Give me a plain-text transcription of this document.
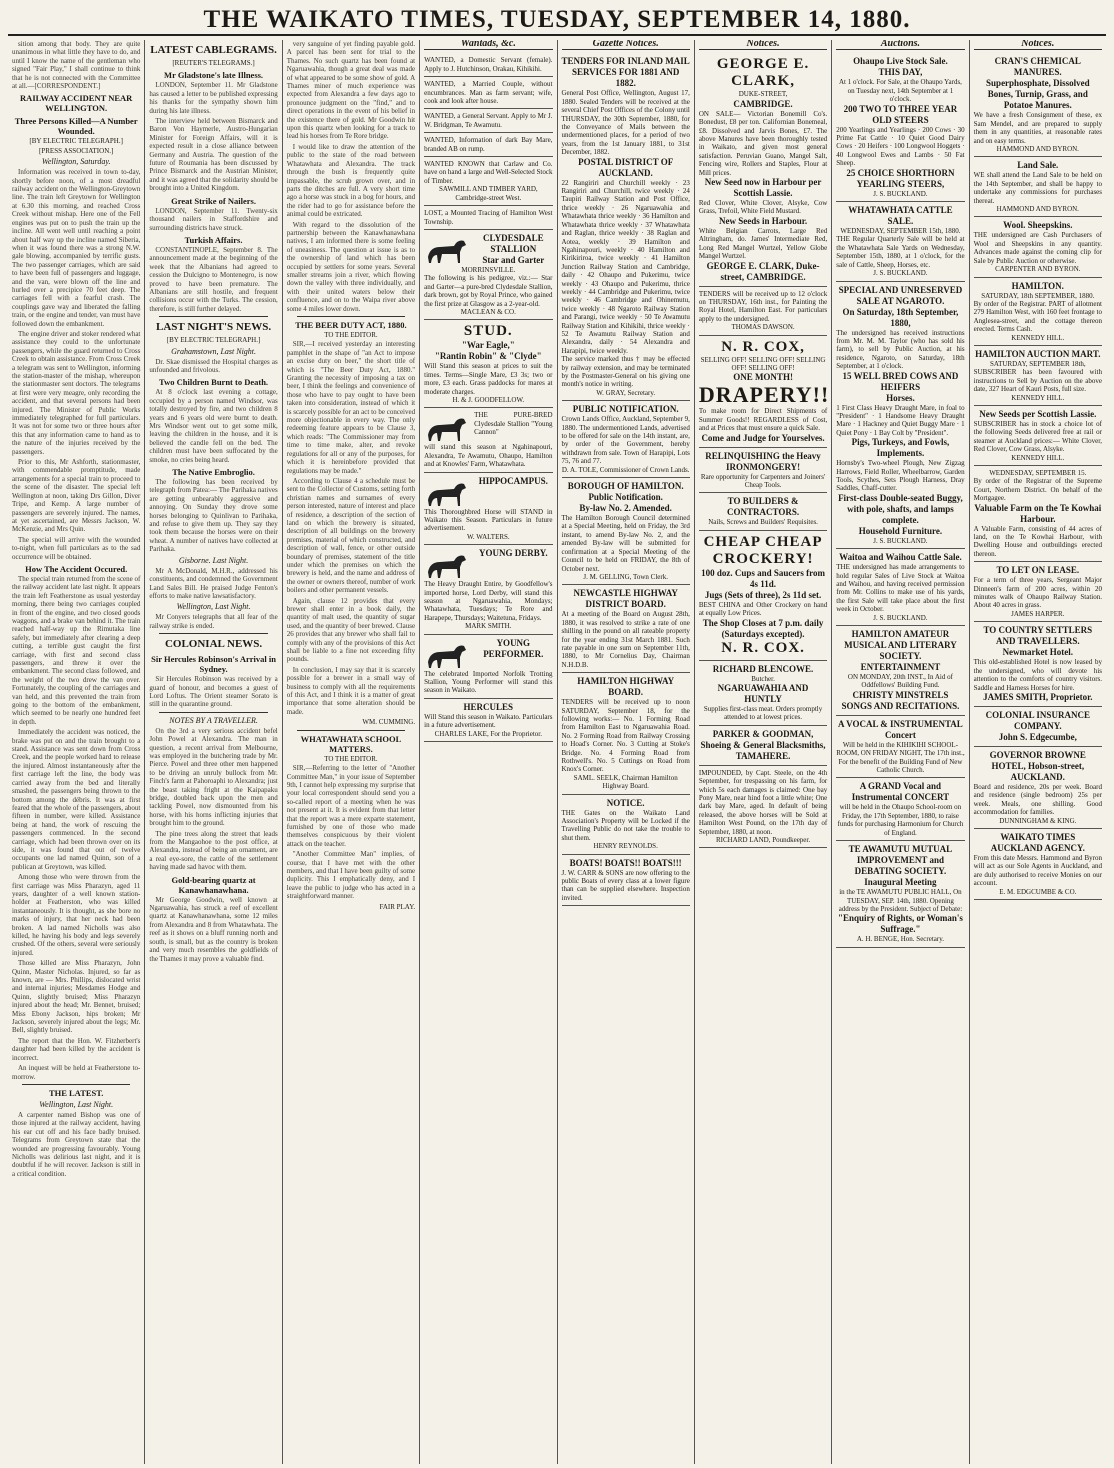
THE WAIKATO TIMES, TUESDAY, SEPTEMBER 14, 1880.

sition among that body. They are quite unanimous in what little they have to do, and until I know the name of the gentleman who signed "Fair Play," I shall continue to think that he is not connected with the Committee at all.—[CORRESPONDENT.]

RAILWAY ACCIDENT NEAR WELLINGTON.
Three Persons Killed—A Number Wounded.
[BY ELECTRIC TELEGRAPH.]
[PRESS ASSOCIATION.]
Wellington, Saturday.

Information was received in town to-day, shortly before noon, of a most dreadful railway accident on the Wellington-Greytown line. The train left Greytown for Wellington at 6.30 this morning, and reached Cross Creek without mishap. Here one of the Fell engines was put on to push the train up the incline. All went well until reaching a point about half way up the incline named Siberia, when it was found there was a strong N.W. gale blowing, accompanied by terrific gusts. The two passenger carriages, which are said to have been full of passengers and luggage, and the van, were blown off the line and hurled over a precipice 70 feet deep. The carriages fell with a fearful crash. The couplings gave way and liberated the falling train, or the engine and tender, van must have followed down the embankment.

The engine driver and stoker rendered what assistance they could to the unfortunate passengers, while the guard returned to Cross Creek to obtain assistance. From Cross Creek a telegram was sent to Wellington, informing the station-master of the mishap, whereupon the stationmaster sent doctors. The telegrams at first were very meagre, only recording the accident, and that several persons had been injured. The Minister of Public Works immediately telegraphed for full particulars. It was not for some two or three hours after this that any information came to hand as to the nature of the injuries received by the passengers.

Prior to this, Mr Ashforth, stationmaster, with commendable promptitude, made arrangements for a special train to proceed to the scene of the disaster. The special left Wellington at noon, taking Drs Gillon, Diver Tripe, and Kemp. A large number of passengers are severely injured. The names, at yet ascertained, are Messrs Jackson, W. McKenzie, and Mrs Quin.

The special will arrive with the wounded to-night, when full particulars as to the sad occurrence will be obtained.

How The Accident Occured.

The special train returned from the scene of the railway accident late last night. It appears the train left Featherstone as usual yesterday morning, there being two carriages coupled in front of the engine, and two closed goods waggons, and a brake van behind it. The train reached half-way up the Rimutaka line safely, but immediately after clearing a deep cutting, a terrible gust caught the first carriage, with first and second class passengers, and threw it over the embankment. The second class followed, and the weight of the two drew the van over. Fortunately, the coupling of the carriages and van held, and this prevented the train from going to the bottom of the embankment, which seemed to be nearly one hundred feet in depth.

Immediately the accident was noticed, the brake was put on and the train brought to a stand. Assistance was sent down from Cross Creek, and the people worked hard to release the injured. Almost instantaneously after the first carriage left the line, the body was carried away from the bed and literally smashed, the passengers being thrown to the bottom among the débris. It was at first feared that the whole of the passengers, about fifteen in number, were killed. Assistance being at hand, the work of rescuing the passengers commenced. In the second carriage, which had been thrown over on its side, it was found that out of twelve occupants one lad named Quinn, son of a publican at Greytown, was killed.

Among those who were thrown from the first carriage was Miss Pharazyn, aged 11 years, daughter of a well known station-holder at Featherston, who was killed instantaneously. It is thought, as she bore no marks of injury, that her neck had been broken. A lad named Nicholls was also killed, he having his body and legs severely crushed. Of the others, several were seriously injured.

Those killed are Miss Pharazyn, John Quinn, Master Nicholas. Injured, so far as known, are — Mrs. Phillips, dislocated wrist and internal injuries; Mesdames Hodge and Quinn, slightly bruised; Miss Pharazyn injured about the head; Mr. Bennet, bruised; Miss Ebony Jackson, hips broken; Mr Jackson, severely injured about the legs; Mr. Bell, slightly bruised.

The report that the Hon. W. Fitzherbert's daughter had been killed by the accident is incorrect.

An inquest will be held at Featherstone to-morrow.

THE LATEST.
Wellington, Last Night.

A carpenter named Bishop was one of those injured at the railway accident, having his ear cut off and his face badly bruised. Telegrams from Greytown state that the wounded are progressing favourably. Young Nicholls was delirious last night, and it is doubtful if he will recover. Jackson is still in a critical condition.

LATEST CABLEGRAMS.
[REUTER'S TELEGRAMS.]
Mr Gladstone's late Illness.

LONDON, September 11. Mr Gladstone has caused a letter to be published expressing his thanks for the sympathy shown him during his late illness.

The interview held between Bismarck and Baron Von Haymerle, Austro-Hungarian Minister for Foreign Affairs, will it is expected result in a close alliance between Germany and Austria. The question of the future of Roumania has been discussed by Prince Bismarck and the Austrian Minister, and it was agreed that the solidarity should be brought into a United Kingdom.

Great Strike of Nailers.

LONDON, September 11. Twenty-six thousand nailers in Staffordshire and surrounding districts have struck.

Turkish Affairs.

CONSTANTINOPLE, September 8. The announcement made at the beginning of the week that the Albanians had agreed to cession the Dulcigno to Montenegro, is now proved to have been premature. The Albanians are still hostile, and frequent collisions occur with the Turks. The cession, therefore, is still further delayed.

LAST NIGHT'S NEWS.
[BY ELECTRIC TELEGRAPH.]
Grahamstown, Last Night.

Dr. Skae dismissed the Hospital charges as unfounded and frivolous.

Two Children Burnt to Death.

At 8 o'clock last evening a cottage, occupied by a person named Windsor, was totally destroyed by fire, and two children 8 years and 6 years old were burnt to death. Mrs Windsor went out to get some milk, leaving the children in the house, and it is believed the candle fell on the bed. The children must have been suffocated by the smoke, no cries being heard.

The Native Embroglio.

The following has been received by telegraph from Patea:— The Parihaka natives are getting unbearably aggressive and annoying. On Sunday they drove some horses belonging to Quinlivan to Parihaka, and refuse to give them up. They say they took them because the horses were on their wheat. A number of natives have collected at Parihaka.

Gisborne. Last Night.

Mr A McDonald, M.H.R., addressed his constituents, and condemned the Government Land Sales Bill. He praised Judge Fenton's efforts to make native lawsatisfactory.

Wellington, Last Night.

Mr Conyers telegraphs that all fear of the railway strike is ended.

COLONIAL NEWS.
Sir Hercules Robinson's Arrival in Sydney.

Sir Hercules Robinson was received by a guard of honour, and becomes a guest of Lord Loftus. The Orient steamer Sorato is still in the quarantine ground.

NOTES BY A TRAVELLER.

On the 3rd a very serious accident befel John Powel at Alexandra. The man in question, a recent arrival from Melbourne, was employed in the butchering trade by Mr. Pierce. Powel and three other men happened to be driving an unruly bullock from Mr. Finch's farm at Pahoroaphi to Alexandra; just the beast taking fright at the Kaipapaku bridge, doubled back upon the men and tackling Powel, now dismounted from his horse, with his horns inflicting injuries that brought him to the ground.

The pine trees along the street that leads from the Mangaohoe to the post office, at Alexandra, instead of being an ornament, are a real eye-sore, the cattle of the settlement having made sad havoc with them.

Gold-bearing quartz at Kanawhanawhana.

Mr George Goodwin, well known at Ngaruawahia, has struck a reef of excellent quartz at Kanawhanawhana, some 12 miles from Alexandra and 8 from Whatawhata. The reef as it shows on a bluff running north and south, is small, but as the country is broken and very much resembles the goldfields of the Thames it may prove a valuable find.

very sanguine of yet finding payable gold. A parcel has been sent for trial to the Thames. No such quartz has been found at Ngaruawahia, though a great deal was made of what appeared to be some show of gold. A Thames miner of much experience was expected from Alexandra a few days ago to pronounce judgment on the "find," and to direct operations in the event of his belief in the existence there of gold. Mr Goodwin hit upon this quartz when looking for a track to lead his horses from Te Rore bridge.

I would like to draw the attention of the public to the state of the road between Whatawhata and Alexandra. The track through the bush is frequently quite impassable, the scrub grown over, and in parts the ditches are full. A very short time ago a horse was stuck in a bog for hours, and the rider had to go for assistance before the animal could be extricated.

With regard to the dissolution of the partnership between the Kanawhanawhana natives, I am informed there is some feeling of uneasiness. The question at issue is as to the ownership of land which has been occupied by settlers for some years. Several smaller streams join a river, which flowing down the valley with three individually, and with their united waters below their confluence, and on to the Waipa river above some 4 miles lower down.

THE BEER DUTY ACT, 1880.
TO THE EDITOR.

SIR,—I received yesterday an interesting pamphlet in the shape of "an Act to impose an excise duty on beer," the short title of which is "The Beer Duty Act, 1880." Granting the necessity of imposing a tax on beer, I think the feelings and convenience of those who have to pay ought to have been taken into consideration, instead of which it is scarcely possible for an act to be conceived more objectionable in every way. The only redeeming feature appears to be Clause 3, which reads: "The Commissioner may from time to time make, alter, and revoke regulations for all or any of the purposes, for which it is hereinbefore provided that regulations may be made."

According to Clause 4 a schedule must be sent to the Collector of Customs, setting forth christian names and surnames of every person interested, nature of interest and place of residence, a description of the section of land on which the brewery is situated, description of all buildings on the brewery premises, material of which constructed, and description of wall, fence, or other outside boundary of premises, statement of the title under which the premises on which the brewery is held, and the name and address of the owner or owners thereof, number of work boilers and other permanent vessels.

Again, clause 12 provides that every brewer shall enter in a book daily, the quantity of malt used, the quantity of sugar used, and the quantity of beer brewed. Clause 26 provides that any brewer who shall fail to comply with any of the provisions of this Act shall be liable to a fine not exceeding fifty pounds.

In conclusion, I may say that it is scarcely possible for a brewer in a small way of business to comply with all the requirements of this Act, and I think it is a matter of great importance that some alteration should be made.

WM. CUMMING.
WHATAWHATA SCHOOL MATTERS.
TO THE EDITOR.

SIR,—Referring to the letter of "Another Committee Man," in your issue of September 9th, I cannot help expressing my surprise that your local correspondent should send you a so-called report of a meeting when he was not present at it. It is evident from that letter that the report was a mere exparte statement, furnished by one of those who made themselves conspicuous by their violent attack on the teacher.

"Another Committee Man" implies, of course, that I have met with the other members, and that I have been guilty of some duplicity. This I emphatically deny, and I leave the public to judge who has acted in a straightforward manner.

FAIR PLAY.
Wantads, &c.
WANTED, a Domestic Servant (female). Apply to J. Hutchinson, Orakau, Kihikihi.
WANTED, a Married Couple, without encumbrances. Man as farm servant; wife, cook and look after house.
WANTED, a General Servant. Apply to Mr J. W. Bridgman, Te Awamutu.
WANTED, Information of dark Bay Mare, branded AB on rump.
WANTED KNOWN that Carlaw and Co. have on hand a large and Well-Selected Stock of Timber.
SAWMILL AND TIMBER YARD, Cambridge-street West.
LOST, a Mounted Tracing of Hamilton West Township.
CLYDESDALE STALLION
Star and Garter
MORRINSVILLE.
The following is his pedigree, viz.:— Star and Garter—a pure-bred Clydesdale Stallion, dark brown, got by Royal Prince, who gained the first prize at Glasgow as a 2-year-old.
MACLEAN & CO.
STUD.
"War Eagle,"
"Rantin Robin" & "Clyde"
Will Stand this season at prices to suit the times. Terms—Single Mare, £3 3s; two or more, £3 each. Grass paddocks for mares at moderate charges.
H. & J. GOODFELLOW.
THE PURE-BRED Clydesdale Stallion "Young Cannon"
will stand this season at Ngahinapouri, Alexandra, Te Awamutu, Ohaupo, Hamilton and at Knowles' Farm, Whatawhata.
HIPPOCAMPUS.
This Thoroughbred Horse will STAND in Waikato this Season. Particulars in future advertisement.
W. WALTERS.
YOUNG DERBY.
The Heavy Draught Entire, by Goodfellow's imported horse, Lord Derby, will stand this season at Ngaruawahia, Mondays; Whatawhata, Tuesdays; Te Rore and Harapepe, Thursdays; Waitetuna, Fridays.
MARK SMITH.
YOUNG PERFORMER.
The celebrated Imported Norfolk Trotting Stallion, Young Performer will stand this season in Waikato.
HERCULES
Will Stand this season in Waikato. Particulars in a future advertisement.
CHARLES LAKE, For the Proprietor.
Gazette Notices.
TENDERS FOR INLAND MAIL SERVICES FOR 1881 AND 1882.
General Post Office, Wellington, August 17, 1880. Sealed Tenders will be received at the several Chief Post Offices of the Colony until THURSDAY, the 30th September, 1880, for the Conveyance of Mails between the undermentioned places, for a period of two years, from the 1st January 1881, to 31st December, 1882.
POSTAL DISTRICT OF AUCKLAND.
22 Rangiriri and Churchill weekly · 23 Rangiriri and Churchill, twice weekly · 24 Taupiri Railway Station and Post Office, thrice weekly · 26 Ngaruawahia and Whatawhata thrice weekly · 36 Hamilton and Whatawhata thrice weekly · 37 Whatawhata and Raglan, thrice weekly · 38 Raglan and Aotea, weekly · 39 Hamilton and Ngahinapouri, weekly · 40 Hamilton and Kirikiriroa, twice weekly · 41 Hamilton Junction Railway Station and Cambridge, daily · 42 Ohaupo and Pukerimu, twice weekly · 43 Ohaupo and Pukerimu, thrice weekly · 44 Cambridge and Pukerimu, twice weekly · 46 Cambridge and Ohinemutu, twice weekly · 48 Ngaroto Railway Station and Parangi, twice weekly · 50 Te Awamutu Railway Station and Kihikihi, thrice weekly · 52 Te Awamutu Railway Station and Alexandra, daily · 54 Alexandra and Harapipi, twice weekly.
The service marked thus † may be effected by railway extension, and may be terminated by the Postmaster-General on his giving one month's notice in writing.
W. GRAY, Secretary.
PUBLIC NOTIFICATION.
Crown Lands Office, Auckland, September 9, 1880. The undermentioned Lands, advertised to be offered for sale on the 14th instant, are, by order of the Government, hereby withdrawn from sale. Town of Harapipi, Lots 75, 76 and 77.
D. A. TOLE, Commissioner of Crown Lands.
BOROUGH OF HAMILTON.
Public Notification.
By-law No. 2. Amended.
The Hamilton Borough Council determined at a Special Meeting, held on Friday, the 3rd instant, to amend By-law No. 2, and the amended By-law will be submitted for confirmation at a Special Meeting of the Council to be held on FRIDAY, the 8th of October next.
J. M. GELLING, Town Clerk.
NEWCASTLE HIGHWAY DISTRICT BOARD.
At a meeting of the Board on August 28th, 1880, it was resolved to strike a rate of one shilling in the pound on all rateable property for the year ending 31st March 1881. Such rate payable in one sum on September 11th, 1880, to Mr Cornelius Day, Chairman N.H.D.B.
HAMILTON HIGHWAY BOARD.
TENDERS will be received up to noon SATURDAY, September 18, for the following works:— No. 1 Forming Road from Hamilton East to Ngaruawahia Road. No. 2 Forming Road from Railway Crossing to Hoad's Corner. No. 3 Cutting at Stoke's Bridge. No. 4 Forming Road from Rothwell's. No. 5 Cuttings on Road from Knox's Corner.
SAML. SEELK, Chairman Hamilton Highway Board.
NOTICE.
THE Gates on the Waikato Land Association's Property will be Locked if the Travelling Public do not take the trouble to shut them.
HENRY REYNOLDS.
BOATS! BOATS!! BOATS!!!
J. W. CARR & SONS are now offering to the public Boats of every class at a lower figure than can be supplied elsewhere. Inspection invited.
Notices.
GEORGE E. CLARK,
DUKE-STREET,
CAMBRIDGE.
ON SALE— Victorian Bonemill Co's. Bonedust, £8 per ton. Californian Bonemeal, £8. Dissolved and Jarvis Bones, £7. The above Manures have been thoroughly tested in Waikato, and given most general satisfaction. Peruvian Guano, Mangel Salt, Fencing wire, Rollers and Staples, Flour at Mill prices.
New Seed now in Harbour per Scottish Lassie.
Red Clover, White Clover, Alsyke, Cow Grass, Trefoil, White Field Mustard.
New Seeds in Harbour.
White Belgian Carrots, Large Red Altringham, do. James' Intermediate Red, Long Red Mangel Wurtzel, Yellow Globe Mangel Wurtzel.
GEORGE E. CLARK, Duke-street, CAMBRIDGE.
TENDERS will be received up to 12 o'clock on THURSDAY, 16th inst., for Painting the Royal Hotel, Hamilton East. For particulars apply to the undersigned.
THOMAS DAWSON.
N. R. COX,
SELLING OFF! SELLING OFF! SELLING OFF! SELLING OFF!
ONE MONTH!
DRAPERY!!
To make room for Direct Shipments of Summer Goods!! REGARDLESS of Cost, and at Prices that must ensure a quick Sale.
Come and Judge for Yourselves.
RELINQUISHING the Heavy IRONMONGERY!
Rare opportunity for Carpenters and Joiners' Cheap Tools.
TO BUILDERS & CONTRACTORS.
Nails, Screws and Builders' Requisites.
CHEAP CHEAP CROCKERY!
100 doz. Cups and Saucers from 4s 11d.
Jugs (Sets of three), 2s 11d set.
BEST CHINA and Other Crockery on hand at equally Low Prices.
The Shop Closes at 7 p.m. daily (Saturdays excepted).
N. R. COX.
RICHARD BLENCOWE.
Butcher.
NGARUAWAHIA AND HUNTLY
Supplies first-class meat. Orders promptly attended to at lowest prices.
PARKER & GOODMAN,
Shoeing & General Blacksmiths,
TAMAHERE.
IMPOUNDED, by Capt. Steele, on the 4th September, for trespassing on his farm, for which 5s each damages is claimed: One bay Pony Mare, near hind foot a little white; One dark bay Mare, aged. In default of being released, the above horses will be Sold at Hamilton West Pound, on the 17th day of September, 1880, at noon.
RICHARD LAND, Poundkeeper.
Auctions.
Ohaupo Live Stock Sale.
THIS DAY,
At 1 o'clock. For Sale, at the Ohaupo Yards, on Tuesday next, 14th September at 1 o'clock.
200 TWO TO THREE YEAR OLD STEERS
200 Yearlings and Yearlings · 200 Cows · 30 Prime Fat Cattle · 10 Quiet Good Dairy Cows · 20 Heifers · 100 Longwool Hoggets · 40 Longwool Ewes and Lambs · 50 Fat Sheep.
25 CHOICE SHORTHORN YEARLING STEERS,
J. S. BUCKLAND.
WHATAWHATA CATTLE SALE.
WEDNESDAY, SEPTEMBER 15th, 1880.
THE Regular Quarterly Sale will be held at the Whatawhata Sale Yards on Wednesday, September 15th, 1880, at 1 o'clock, for the sale of Cattle, Sheep, Horses, etc.
J. S. BUCKLAND.
SPECIAL AND UNRESERVED SALE AT NGAROTO.
On Saturday, 18th September, 1880,
The undersigned has received instructions from Mr. M. M. Taylor (who has sold his farm), to sell by Public Auction, at his residence, Ngaroto, on Saturday, 18th September, at 1 o'clock.
15 WELL BRED COWS AND HEIFERS
Horses.
1 First Class Heavy Draught Mare, in foal to "President" · 1 Handsome Heavy Draught Mare · 1 Hackney and Quiet Buggy Mare · 1 Quiet Pony · 1 Bay Colt by "President".
Pigs, Turkeys, and Fowls,
Implements.
Hornsby's Two-wheel Plough, New Zigzag Harrows, Field Roller, Wheelbarrow, Garden Tools, Scythes, Sets Plough Harness, Dray Saddles, Chaff-cutter.
First-class Double-seated Buggy, with pole, shafts, and lamps complete.
Household Furniture.
J. S. BUCKLAND.
Waitoa and Waihou Cattle Sale.
THE undersigned has made arrangements to hold regular Sales of Live Stock at Waitoa and Waihou, and having received permission from Mr. Collins to make use of his yards, the first Sale will take place about the first week in October.
J. S. BUCKLAND.
HAMILTON AMATEUR MUSICAL AND LITERARY SOCIETY.
ENTERTAINMENT
ON MONDAY, 20th INST., In Aid of Oddfellows' Building Fund.
CHRISTY MINSTRELS
SONGS AND RECITATIONS.
A VOCAL & INSTRUMENTAL Concert
Will be held in the KIHIKIHI SCHOOL-ROOM, ON FRIDAY NIGHT, The 17th inst., For the benefit of the Building Fund of New Catholic Church.
A GRAND Vocal and Instrumental CONCERT
will be held in the Ohaupo School-room on Friday, the 17th September, 1880, to raise funds for purchasing Harmonium for Church of England.
TE AWAMUTU MUTUAL IMPROVEMENT and DEBATING SOCIETY.
Inaugural Meeting
in the TE AWAMUTU PUBLIC HALL, On TUESDAY, SEP. 14th, 1880. Opening address by the President. Subject of Debate:
"Enquiry of Rights, or Woman's Suffrage."
A. H. BENGE, Hon. Secretary.
Notices.
CRAN'S CHEMICAL MANURES.
Superphosphate, Dissolved Bones, Turnip, Grass, and Potatoe Manures.
We have a fresh Consignment of these, ex Sam Mendel, and are prepared to supply them in any quantities, at reasonable rates and on easy terms.
HAMMOND AND BYRON.
Land Sale.
WE shall attend the Land Sale to be held on the 14th September, and shall be happy to undertake any commissions for purchases thereat.
HAMMOND AND BYRON.
Wool. Sheepskins.
THE undersigned are Cash Purchasers of Wool and Sheepskins in any quantity. Advances made against the coming clip for Sale by Public Auction or otherwise.
CARPENTER AND BYRON.
HAMILTON.
SATURDAY, 18th SEPTEMBER, 1880.
By order of the Registrar. PART of allotment 279 Hamilton West, with 160 feet frontage to Anglesea-street, and the cottage thereon erected. Terms Cash.
KENNEDY HILL.
HAMILTON AUCTION MART.
SATURDAY, SEPTEMBER 18th,
SUBSCRIBER has been favoured with instructions to Sell by Auction on the above date, 327 Heart of Kauri Posts, full size.
KENNEDY HILL.
New Seeds per Scottish Lassie.
SUBSCRIBER has in stock a choice lot of the following Seeds delivered free at rail or steamer at Auckland prices:— White Clover, Red Clover, Cow Grass, Alsyke.
KENNEDY HILL.
WEDNESDAY, SEPTEMBER 15.
By order of the Registrar of the Supreme Court, Northern District. On behalf of the Mortgagee.
Valuable Farm on the Te Kowhai Harbour.
A Valuable Farm, consisting of 44 acres of land, on the Te Kowhai Harbour, with Dwelling House and outbuildings erected thereon.
TO LET ON LEASE.
For a term of three years, Sergeant Major Dinneen's farm of 200 acres, within 20 minutes walk of Ohaupo Railway Station. About 40 acres in grass.
JAMES HARPER.
TO COUNTRY SETTLERS AND TRAVELLERS.
Newmarket Hotel.
This old-established Hotel is now leased by the undersigned, who will devote his attention to the comforts of country visitors. Saddle and Harness Horses for hire.
JAMES SMITH, Proprietor.
COLONIAL INSURANCE COMPANY.
John S. Edgecumbe,
GOVERNOR BROWNE HOTEL, Hobson-street, AUCKLAND.
Board and residence, 20s per week. Board and residence (single bedroom) 25s per week. Meals, one shilling. Good accommodation for families.
DUNNINGHAM & KING.
WAIKATO TIMES AUCKLAND AGENCY.
From this date Messrs. Hammond and Byron will act as our Sole Agents in Auckland, and are duly authorised to receive Monies on our account.
E. M. EDGCUMBE & CO.
